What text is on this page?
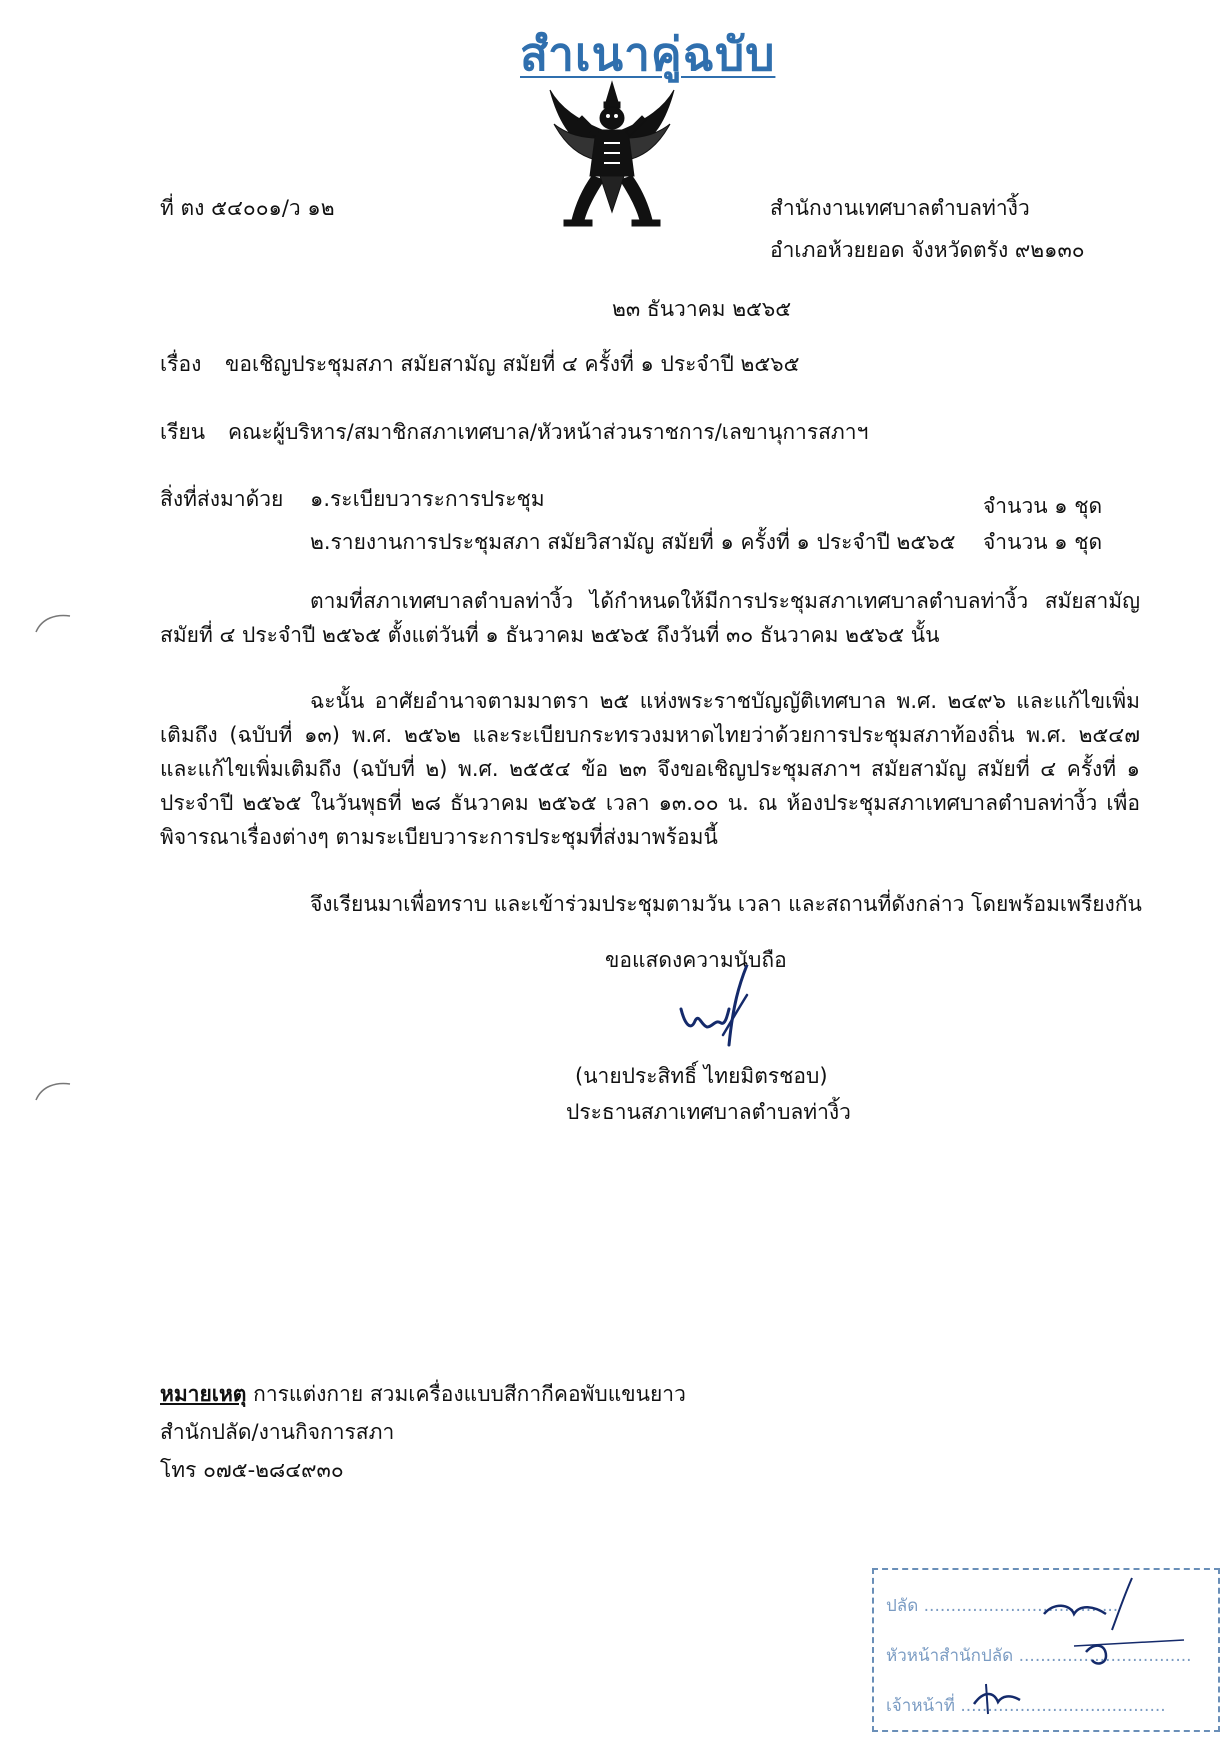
สำเนาคู่ฉบับ
ที่ ตง ๕๔๐๐๑/ว ๑๒	สำนักงานเทศบาลตำบลท่างิ้ว
อำเภอห้วยยอด จังหวัดตรัง ๙๒๑๓๐
๒๓ ธันวาคม ๒๕๖๕
เรื่อง ขอเชิญประชุมสภา สมัยสามัญ สมัยที่ ๔ ครั้งที่ ๑ ประจำปี ๒๕๖๕
เรียน คณะผู้บริหาร/สมาชิกสภาเทศบาล/หัวหน้าส่วนราชการ/เลขานุการสภาฯ
สิ่งที่ส่งมาด้วย ๑.ระเบียบวาระการประชุม	จำนวน ๑ ชุด
๒.รายงานการประชุมสภา สมัยวิสามัญ สมัยที่ ๑ ครั้งที่ ๑ ประจำปี ๒๕๖๕ จำนวน ๑ ชุด
ตามที่สภาเทศบาลตำบลท่างิ้ว ได้กำหนดให้มีการประชุมสภาเทศบาลตำบลท่างิ้ว สมัยสามัญ สมัยที่ ๔ ประจำปี ๒๕๖๕ ตั้งแต่วันที่ ๑ ธันวาคม ๒๕๖๕ ถึงวันที่ ๓๐ ธันวาคม ๒๕๖๕ นั้น
ฉะนั้น อาศัยอำนาจตามมาตรา ๒๕ แห่งพระราชบัญญัติเทศบาล พ.ศ. ๒๔๙๖ และแก้ไขเพิ่มเติมถึง (ฉบับที่ ๑๓) พ.ศ. ๒๕๖๒ และระเบียบกระทรวงมหาดไทยว่าด้วยการประชุมสภาท้องถิ่น พ.ศ. ๒๕๔๗ และแก้ไขเพิ่มเติมถึง (ฉบับที่ ๒) พ.ศ. ๒๕๕๔ ข้อ ๒๓ จึงขอเชิญประชุมสภาฯ สมัยสามัญ สมัยที่ ๔ ครั้งที่ ๑ ประจำปี ๒๕๖๕ ในวันพุธที่ ๒๘ ธันวาคม ๒๕๖๕ เวลา ๑๓.๐๐ น. ณ ห้องประชุมสภาเทศบาลตำบลท่างิ้ว เพื่อพิจารณาเรื่องต่างๆ ตามระเบียบวาระการประชุมที่ส่งมาพร้อมนี้
จึงเรียนมาเพื่อทราบ และเข้าร่วมประชุมตามวัน เวลา และสถานที่ดังกล่าว โดยพร้อมเพรียงกัน
ขอแสดงความนับถือ
(นายประสิทธิ์ ไทยมิตรชอบ)
ประธานสภาเทศบาลตำบลท่างิ้ว
หมายเหตุ การแต่งกาย สวมเครื่องแบบสีกากีคอพับแขนยาว
สำนักปลัด/งานกิจการสภา
โทร ๐๗๕-๒๘๔๙๓๐
ปลัด ....................................
หัวหน้าสำนักปลัด ................................
เจ้าหน้าที่ ......................................
